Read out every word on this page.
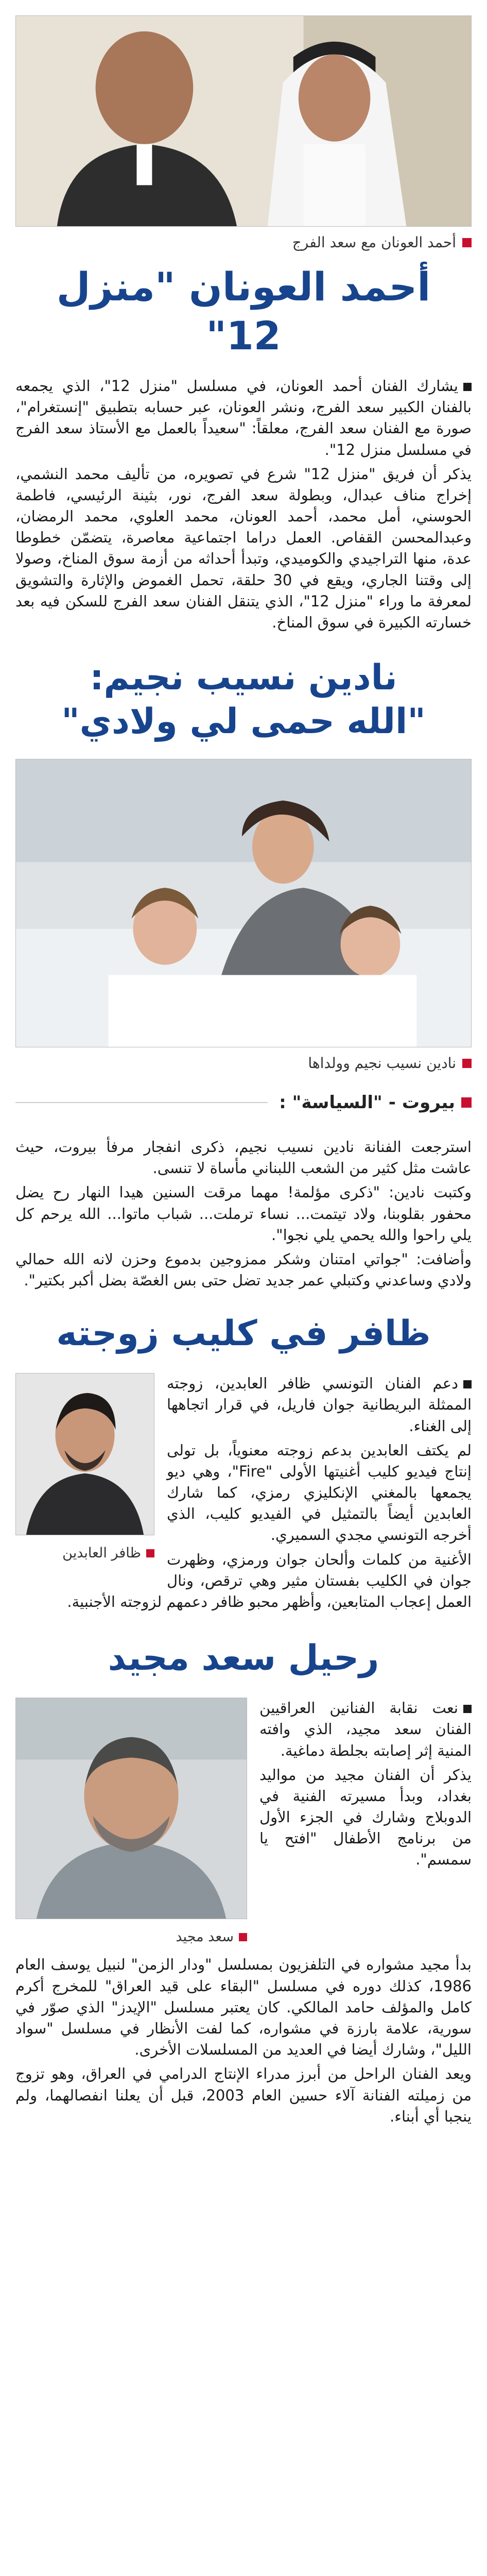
أحمد العونان مع سعد الفرج
أحمد العونان "منزل 12"

يشارك الفنان أحمد العونان، في مسلسل "منزل 12"، الذي يجمعه بالفنان الكبير سعد الفرج، ونشر العونان، عبر حسابه بتطبيق "إنستغرام"، صورة مع الفنان سعد الفرج، معلقاً: "سعيداً بالعمل مع الأستاذ سعد الفرج في مسلسل منزل 12".

يذكر أن فريق "منزل 12" شرع في تصويره، من تأليف محمد النشمي، إخراج مناف عبدال، وبطولة سعد الفرج، نور، بثينة الرئيسي، فاطمة الحوسني، أمل محمد، أحمد العونان، محمد العلوي، محمد الرمضان، وعبدالمحسن القفاص. العمل دراما اجتماعية معاصرة، يتضمّن خطوطا عدة، منها التراجيدي والكوميدي، وتبدأ أحداثه من أزمة سوق المناخ، وصولا إلى وقتنا الجاري، ويقع في 30 حلقة، تحمل الغموض والإثارة والتشويق لمعرفة ما وراء "منزل 12"، الذي يتنقل الفنان سعد الفرج للسكن فيه بعد خسارته الكبيرة في سوق المناخ.

نادين نسيب نجيم:
"الله حمى لي ولادي"
نادين نسيب نجيم وولداها
بيروت
-
"السياسة" :

استرجعت الفنانة نادين نسيب نجيم، ذكرى انفجار مرفأ بيروت، حيث عاشت مثل كثير من الشعب اللبناني مأساة لا تنسى.

وكتبت نادين: "ذكرى مؤلمة! مهما مرقت السنين هيدا النهار رح يضل محفور بقلوبنا، ولاد تيتمت... نساء ترملت... شباب ماتوا... الله يرحم كل يلي راحوا والله يحمي يلي نجوا".

وأضافت: "جواتي امتنان وشكر ممزوجين بدموع وحزن لانه الله حمالي ولادي وساعدني وكتبلي عمر جديد تضل حتى بس الغصّة بضل أكبر بكتير".

ظافر في كليب زوجته
ظافر العابدين

دعم الفنان التونسي ظافر العابدين، زوجته الممثلة البريطانية جوان فاريل، في قرار اتجاهها إلى الغناء.

لم يكتف العابدين بدعم زوجته معنوياً، بل تولى إنتاج فيديو كليب أغنيتها الأولى "Fire"، وهي ديو يجمعها بالمغني الإنكليزي رمزي، كما شارك العابدين أيضاً بالتمثيل في الفيديو كليب، الذي أخرجه التونسي مجدي السميري.

الأغنية من كلمات وألحان جوان ورمزي، وظهرت جوان في الكليب بفستان مثير وهي ترقص، ونال العمل إعجاب المتابعين، وأظهر محبو ظافر دعمهم لزوجته الأجنبية.

رحيل سعد مجيد
سعد مجيد

نعت نقابة الفنانين العراقيين الفنان سعد مجيد، الذي وافته المنية إثر إصابته بجلطة دماغية.

يذكر أن الفنان مجيد من مواليد بغداد، وبدأ مسيرته الفنية في الدوبلاج وشارك في الجزء الأول من برنامج الأطفال "افتح يا سمسم".

بدأ مجيد مشواره في التلفزيون بمسلسل "ودار الزمن" لنبيل يوسف العام 1986، كذلك دوره في مسلسل "البقاء على قيد العراق" للمخرج أكرم كامل والمؤلف حامد المالكي. كان يعتبر مسلسل "الإيدز" الذي صوّر في سورية، علامة بارزة في مشواره، كما لفت الأنظار في مسلسل "سواد الليل"، وشارك أيضا في العديد من المسلسلات الأخرى.

ويعد الفنان الراحل من أبرز مدراء الإنتاج الدرامي في العراق، وهو تزوج من زميلته الفنانة آلاء حسين العام 2003، قبل أن يعلنا انفصالهما، ولم ينجبا أي أبناء.
